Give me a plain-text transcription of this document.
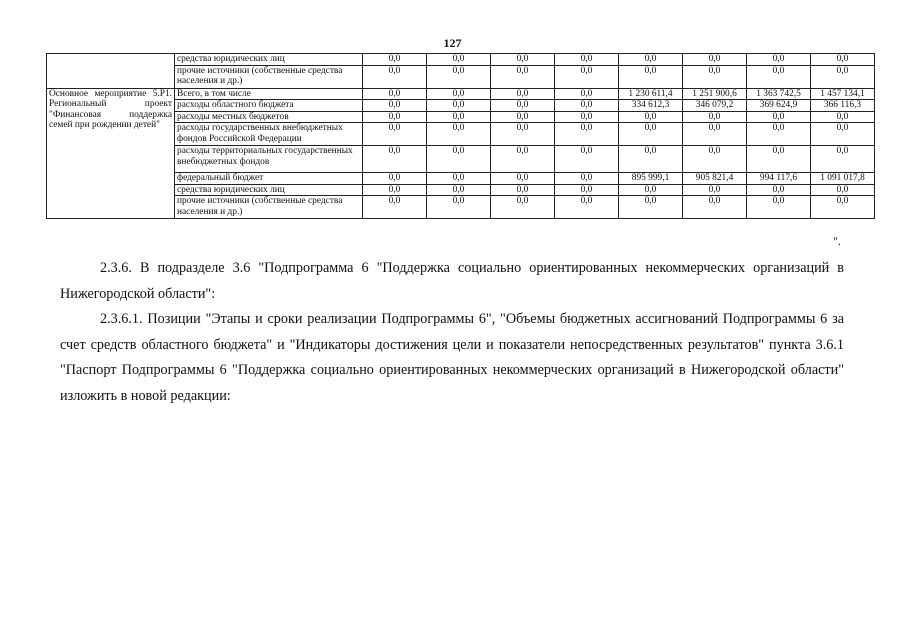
127
	средства юридических лиц	0,0	0,0	0,0	0,0	0,0	0,0	0,0	0,0
	прочие источники (собственные средства населения и др.)	0,0	0,0	0,0	0,0	0,0	0,0	0,0	0,0
Основное мероприятие 5.P1. Региональный проект "Финансовая поддержка семей при рождении детей"	Всего, в том числе	0,0	0,0	0,0	0,0	1 230 611,4	1 251 900,6	1 363 742,5	1 457 134,1
	расходы областного бюджета	0,0	0,0	0,0	0,0	334 612,3	346 079,2	369 624,9	366 116,3
	расходы местных бюджетов	0,0	0,0	0,0	0,0	0,0	0,0	0,0	0,0
	расходы государственных внебюджетных фондов Российской Федерации	0,0	0,0	0,0	0,0	0,0	0,0	0,0	0,0
	расходы территориальных государственных внебюджетных фондов	0,0	0,0	0,0	0,0	0,0	0,0	0,0	0,0
	федеральный бюджет	0,0	0,0	0,0	0,0	895 999,1	905 821,4	994 117,6	1 091 017,8
	средства юридических лиц	0,0	0,0	0,0	0,0	0,0	0,0	0,0	0,0
	прочие источники (собственные средства населения и др.)	0,0	0,0	0,0	0,0	0,0	0,0	0,0	0,0
".

2.3.6. В подразделе 3.6 "Подпрограмма 6 "Поддержка социально ориентированных некоммерческих организаций в Нижегородской области":

2.3.6.1. Позиции "Этапы и сроки реализации Подпрограммы 6", "Объемы бюджетных ассигнований Подпрограммы 6 за счет средств областного бюджета" и "Индикаторы достижения цели и показатели непосредственных результатов" пункта 3.6.1 "Паспорт Подпрограммы 6 "Поддержка социально ориентированных некоммерческих организаций в Нижегородской области" изложить в новой редакции:
